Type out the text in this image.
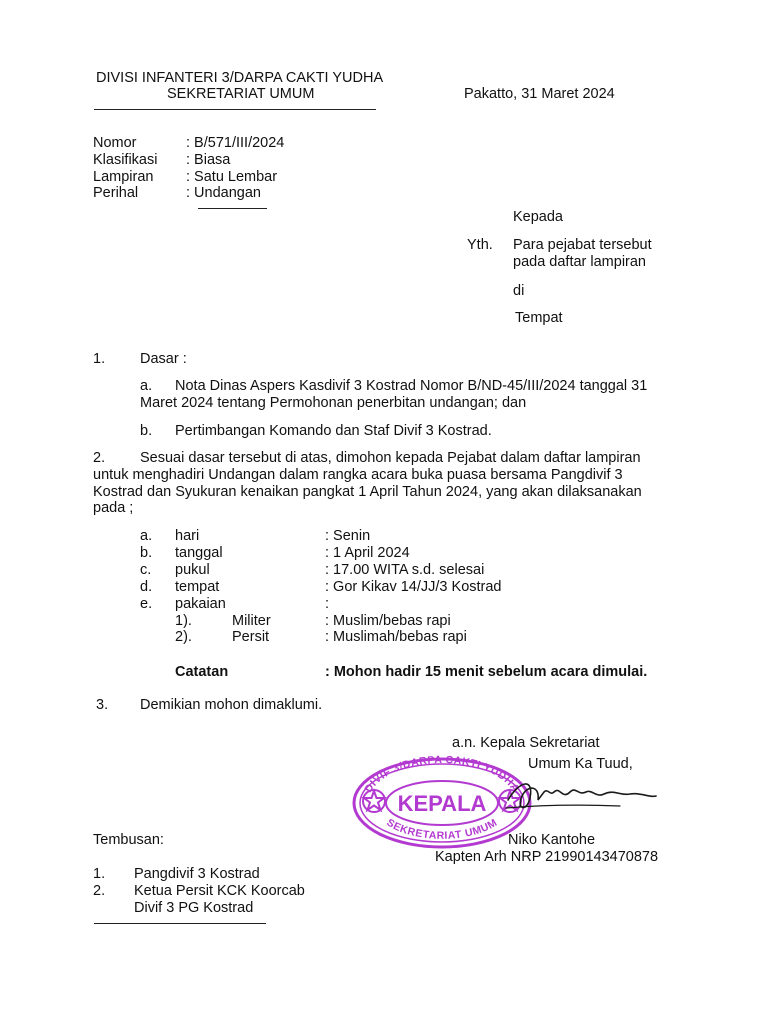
DIVISI INFANTERI 3/DARPA CAKTI YUDHA
SEKRETARIAT UMUM	Pakatto, 31 Maret 2024
Nomor	: B/571/III/2024
Klasifikasi : Biasa
Lampiran : Satu Lembar
Perihal	: Undangan
Kepada
Yth. Para pejabat tersebut
pada daftar lampiran
di
Tempat
1. Dasar :
a. Nota Dinas Aspers Kasdivif 3 Kostrad Nomor B/ND-45/III/2024 tanggal 31
Maret 2024 tentang Permohonan penerbitan undangan; dan
b. Pertimbangan Komando dan Staf Divif 3 Kostrad.
2. Sesuai dasar tersebut di atas, dimohon kepada Pejabat dalam daftar lampiran
untuk menghadiri Undangan dalam rangka acara buka puasa bersama Pangdivif 3
Kostrad dan Syukuran kenaikan pangkat 1 April Tahun 2024, yang akan dilaksanakan
pada ;
a. hari	: Senin
b. tanggal	: 1 April 2024
c. pukul	: 17.00 WITA s.d. selesai
d. tempat	: Gor Kikav 14/JJ/3 Kostrad
e. pakaian	:
1).	Militer	: Muslim/bebas rapi
2).	Persit	: Muslimah/bebas rapi
Catatan	: Mohon hadir 15 menit sebelum acara dimulai.
3. Demikian mohon dimaklumi.
a.n. Kepala Sekretariat
Umum Ka Tuud,
DIVIF 3/DARPA CAKTI YUDHA
KEPALA
SEKRETARIAT UMUM
Niko Kantohe
Kapten Arh NRP 21990143470878
Tembusan:
1. Pangdivif 3 Kostrad
2. Ketua Persit KCK Koorcab
Divif 3 PG Kostrad
